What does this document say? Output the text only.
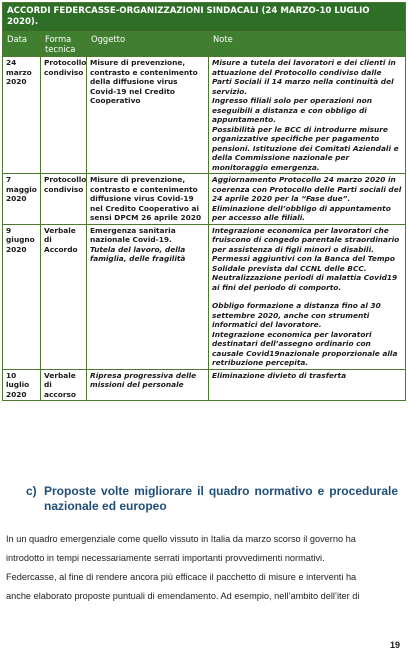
ACCORDI FEDERCASSE-ORGANIZZAZIONI SINDACALI (24 MARZO-10 LUGLIO 2020).			
Data	Forma tecnica	Oggetto	Note
24 marzo 2020	Protocollo condiviso	Misure di prevenzione, contrasto e contenimento della diffusione virus Covid-19 nel Credito Cooperativo	Misure a tutela dei lavoratori e dei clienti in attuazione del Protocollo condiviso dalle Parti Sociali il 14 marzo nella continuità del servizio.
Ingresso filiali solo per operazioni non eseguibili a distanza e con obbligo di appuntamento.
Possibilità per le BCC di introdurre misure organizzative specifiche per pagamento pensioni. Istituzione dei Comitati Aziendali e della Commissione nazionale per monitoraggio emergenza.

7 maggio 2020	Protocollo condiviso	Misure di prevenzione, contrasto e contenimento diffusione virus Covid-19 nel Credito Cooperativo ai sensi DPCM 26 aprile 2020	Aggiornamento Protocollo 24 marzo 2020 in coerenza con Protocollo delle Parti sociali del 24 aprile 2020 per la “Fase due”.
Eliminazione dell’obbligo di appuntamento per accesso alle filiali.

9 giugno 2020	Verbale di Accordo	Emergenza sanitaria nazionale Covid-19.
Tutela del lavoro, della famiglia, delle fragilità	Integrazione economica per lavoratori che fruiscono di congedo parentale straordinario per assistenza di figli minori o disabili.
Permessi aggiuntivi con la Banca del Tempo Solidale prevista dal CCNL delle BCC.
Neutralizzazione periodi di malattia Covid19 ai fini del periodo di comporto.
Obbligo formazione a distanza fino al 30 settembre 2020, anche con strumenti informatici del lavoratore.
Integrazione economica per lavoratori destinatari dell’assegno ordinario con causale Covid19nazionale proporzionale alla retribuzione percepita.

10 luglio 2020	Verbale di accorso	Ripresa progressiva delle missioni del personale	Eliminazione divieto di trasferta
c) Proposte volte migliorare il quadro normativo e procedurale nazionale ed europeo
In un quadro emergenziale come quello vissuto in Italia da marzo scorso il governo ha
introdotto in tempi necessariamente serrati importanti provvedimenti normativi.
Federcasse, al fine di rendere ancora più efficace il pacchetto di misure e interventi ha
anche elaborato proposte puntuali di emendamento. Ad esempio, nell’ambito dell’iter di
19
